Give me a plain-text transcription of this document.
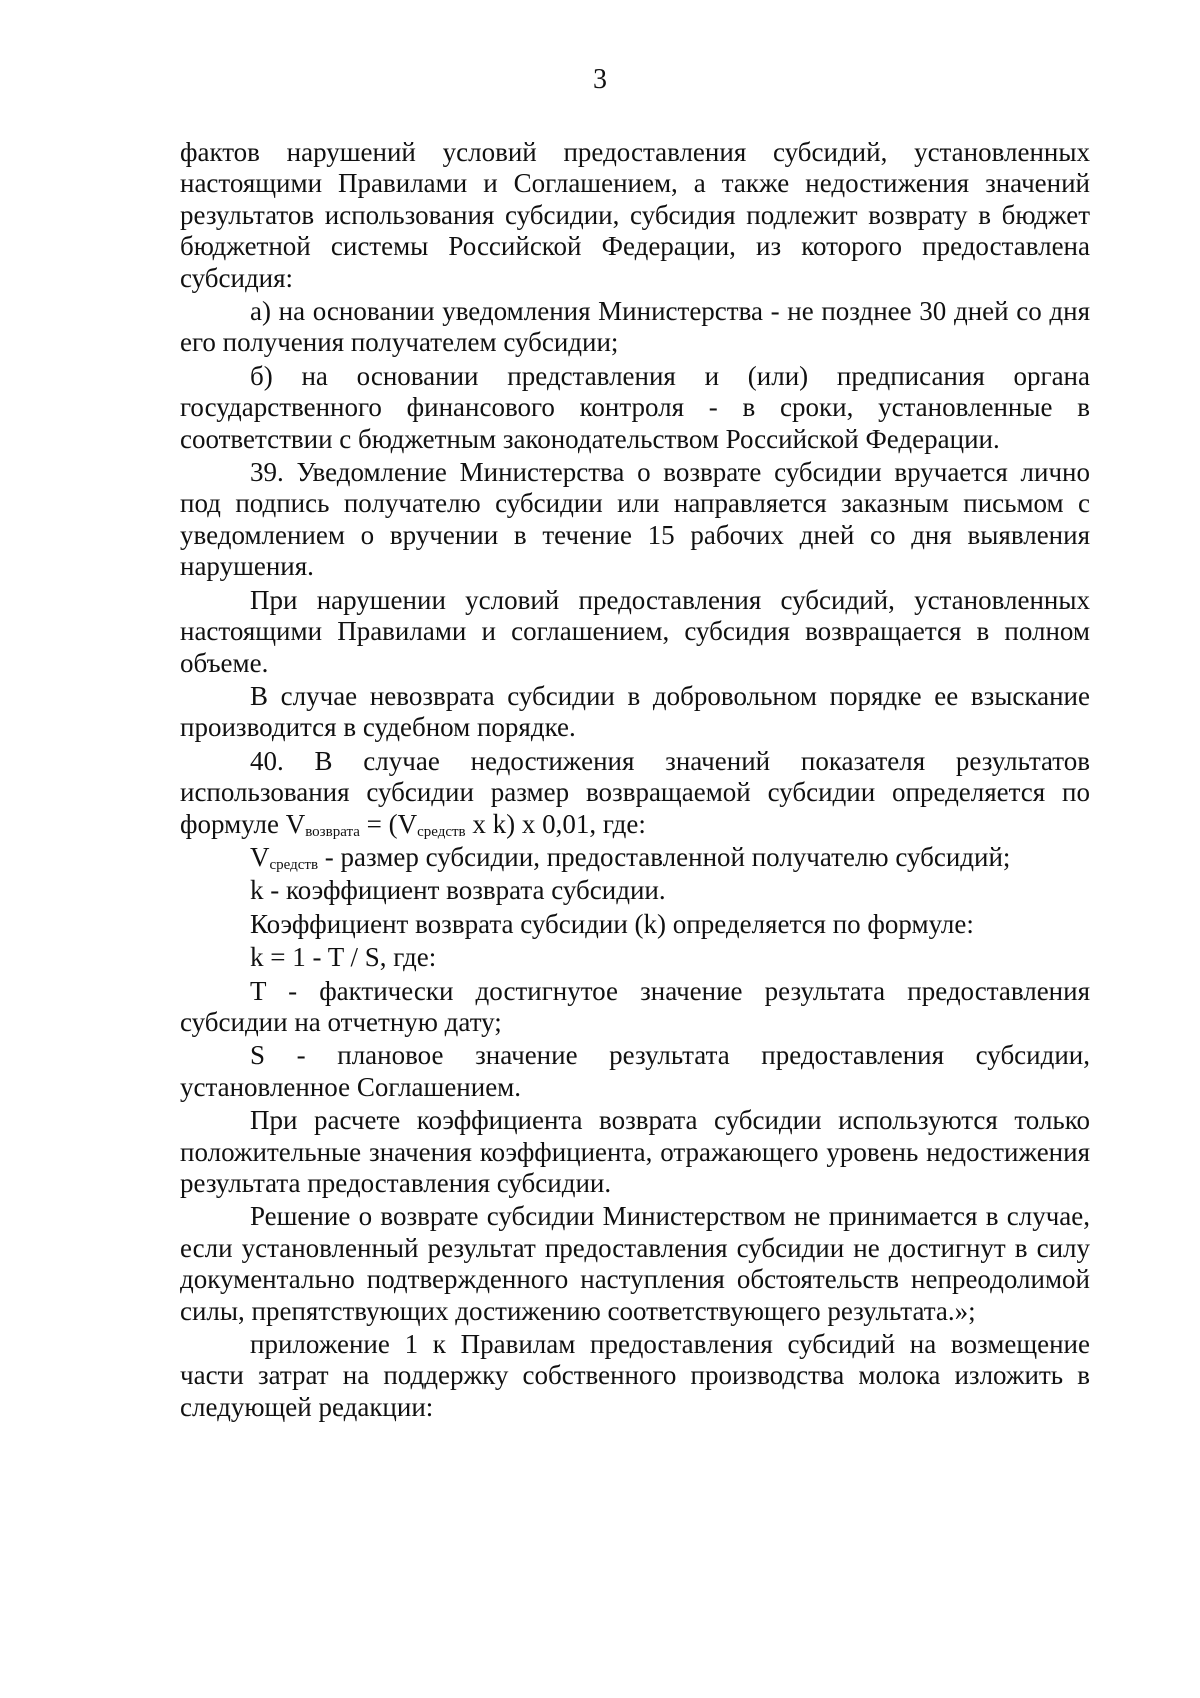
3

фактов нарушений условий предоставления субсидий, установленных настоящими Правилами и Соглашением, а также недостижения значений результатов использования субсидии, субсидия подлежит возврату в бюджет бюджетной системы Российской Федерации, из которого предоставлена субсидия:

а) на основании уведомления Министерства - не позднее 30 дней со дня его получения получателем субсидии;

б) на основании представления и (или) предписания органа государственного финансового контроля - в сроки, установленные в соответствии с бюджетным законодательством Российской Федерации.

39. Уведомление Министерства о возврате субсидии вручается лично под подпись получателю субсидии или направляется заказным письмом с уведомлением о вручении в течение 15 рабочих дней со дня выявления нарушения.

При нарушении условий предоставления субсидий, установленных настоящими Правилами и соглашением, субсидия возвращается в полном объеме.

В случае невозврата субсидии в добровольном порядке ее взыскание производится в судебном порядке.

40. В случае недостижения значений показателя результатов использования субсидии размер возвращаемой субсидии определяется по формуле $V_{возврата} = (V_{средств}$ x k) x 0,01, где:

$V_{средств}$ - размер субсидии, предоставленной получателю субсидий;

k - коэффициент возврата субсидии.

Коэффициент возврата субсидии (k) определяется по формуле:

k = 1 - T / S, где:

T - фактически достигнутое значение результата предоставления субсидии на отчетную дату;

S - плановое значение результата предоставления субсидии, установленное Соглашением.

При расчете коэффициента возврата субсидии используются только положительные значения коэффициента, отражающего уровень недостижения результата предоставления субсидии.

Решение о возврате субсидии Министерством не принимается в случае, если установленный результат предоставления субсидии не достигнут в силу документально подтвержденного наступления обстоятельств непреодолимой силы, препятствующих достижению соответствующего результата.»;

приложение 1 к Правилам предоставления субсидий на возмещение части затрат на поддержку собственного производства молока изложить в следующей редакции:
